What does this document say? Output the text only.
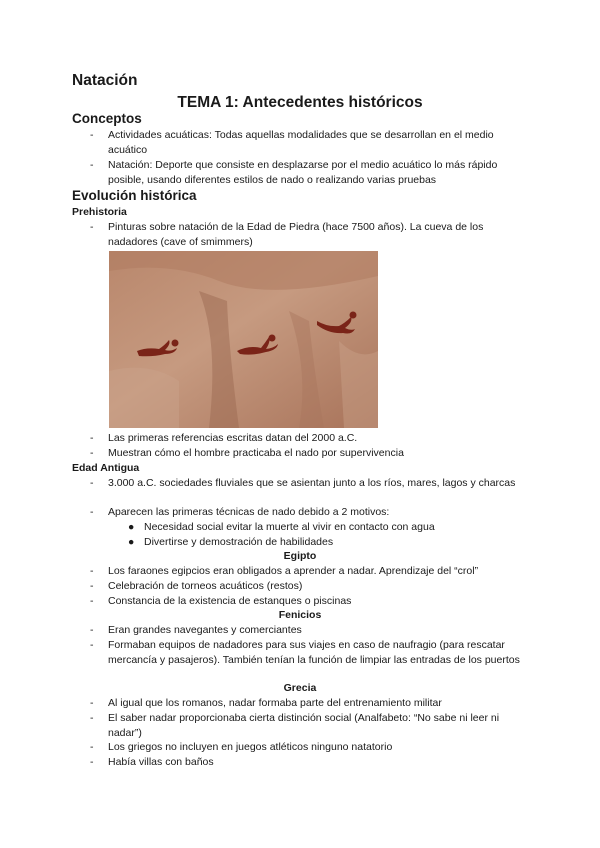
Natación
TEMA 1: Antecedentes históricos
Conceptos
- Actividades acuáticas: Todas aquellas modalidades que se desarrollan en el medio acuático
- Natación: Deporte que consiste en desplazarse por el medio acuático lo más rápido posible, usando diferentes estilos de nado o realizando varias pruebas
Evolución histórica
Prehistoria
- Pinturas sobre natación de la Edad de Piedra (hace 7500 años). La cueva de los nadadores (cave of smimmers)
- Las primeras referencias escritas datan del 2000 a.C.
- Muestran cómo el hombre practicaba el nado por supervivencia
Edad Antigua
- 3.000 a.C. sociedades fluviales que se asientan junto a los ríos, mares, lagos y charcas
- Aparecen las primeras técnicas de nado debido a 2 motivos:
● Necesidad social evitar la muerte al vivir en contacto con agua
● Divertirse y demostración de habilidades
Egipto
- Los faraones egipcios eran obligados a aprender a nadar. Aprendizaje del “crol”
- Celebración de torneos acuáticos (restos)
- Constancia de la existencia de estanques o piscinas
Fenicios
- Eran grandes navegantes y comerciantes
- Formaban equipos de nadadores para sus viajes en caso de naufragio (para rescatar mercancía y pasajeros). También tenían la función de limpiar las entradas de los puertos
Grecia
- Al igual que los romanos, nadar formaba parte del entrenamiento militar
- El saber nadar proporcionaba cierta distinción social (Analfabeto: “No sabe ni leer ni nadar”)
- Los griegos no incluyen en juegos atléticos ninguno natatorio
- Había villas con baños
